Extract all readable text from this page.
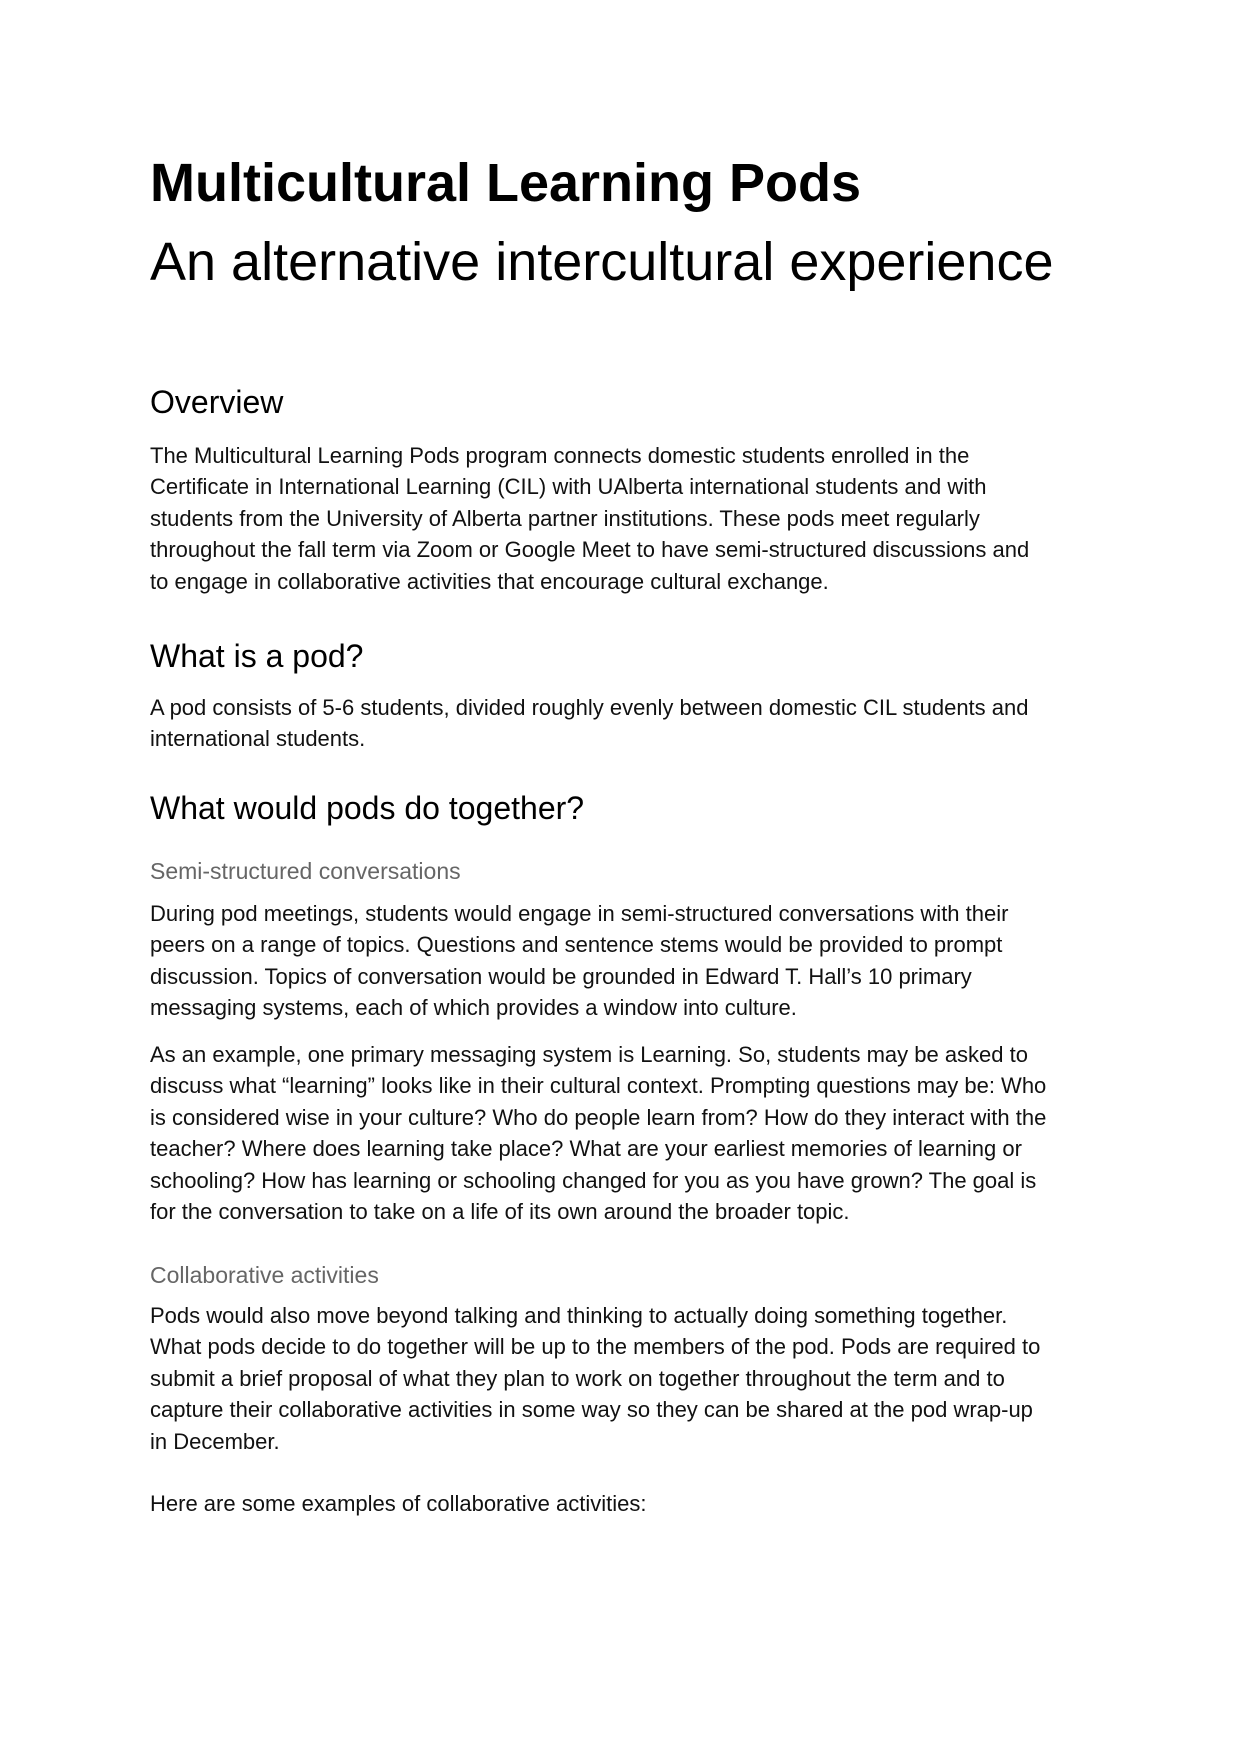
Multicultural Learning Pods
An alternative intercultural experience
Overview

The Multicultural Learning Pods program connects domestic students enrolled in the
Certificate in International Learning (CIL) with UAlberta international students and with
students from the University of Alberta partner institutions. These pods meet regularly
throughout the fall term via Zoom or Google Meet to have semi-structured discussions and
to engage in collaborative activities that encourage cultural exchange.

What is a pod?

A pod consists of 5-6 students, divided roughly evenly between domestic CIL students and
international students.

What would pods do together?
Semi-structured conversations

During pod meetings, students would engage in semi-structured conversations with their
peers on a range of topics. Questions and sentence stems would be provided to prompt
discussion. Topics of conversation would be grounded in Edward T. Hall’s 10 primary
messaging systems, each of which provides a window into culture.

As an example, one primary messaging system is Learning. So, students may be asked to
discuss what “learning” looks like in their cultural context. Prompting questions may be: Who
is considered wise in your culture? Who do people learn from? How do they interact with the
teacher? Where does learning take place? What are your earliest memories of learning or
schooling? How has learning or schooling changed for you as you have grown? The goal is
for the conversation to take on a life of its own around the broader topic.

Collaborative activities

Pods would also move beyond talking and thinking to actually doing something together.
What pods decide to do together will be up to the members of the pod. Pods are required to
submit a brief proposal of what they plan to work on together throughout the term and to
capture their collaborative activities in some way so they can be shared at the pod wrap-up
in December.

Here are some examples of collaborative activities:
